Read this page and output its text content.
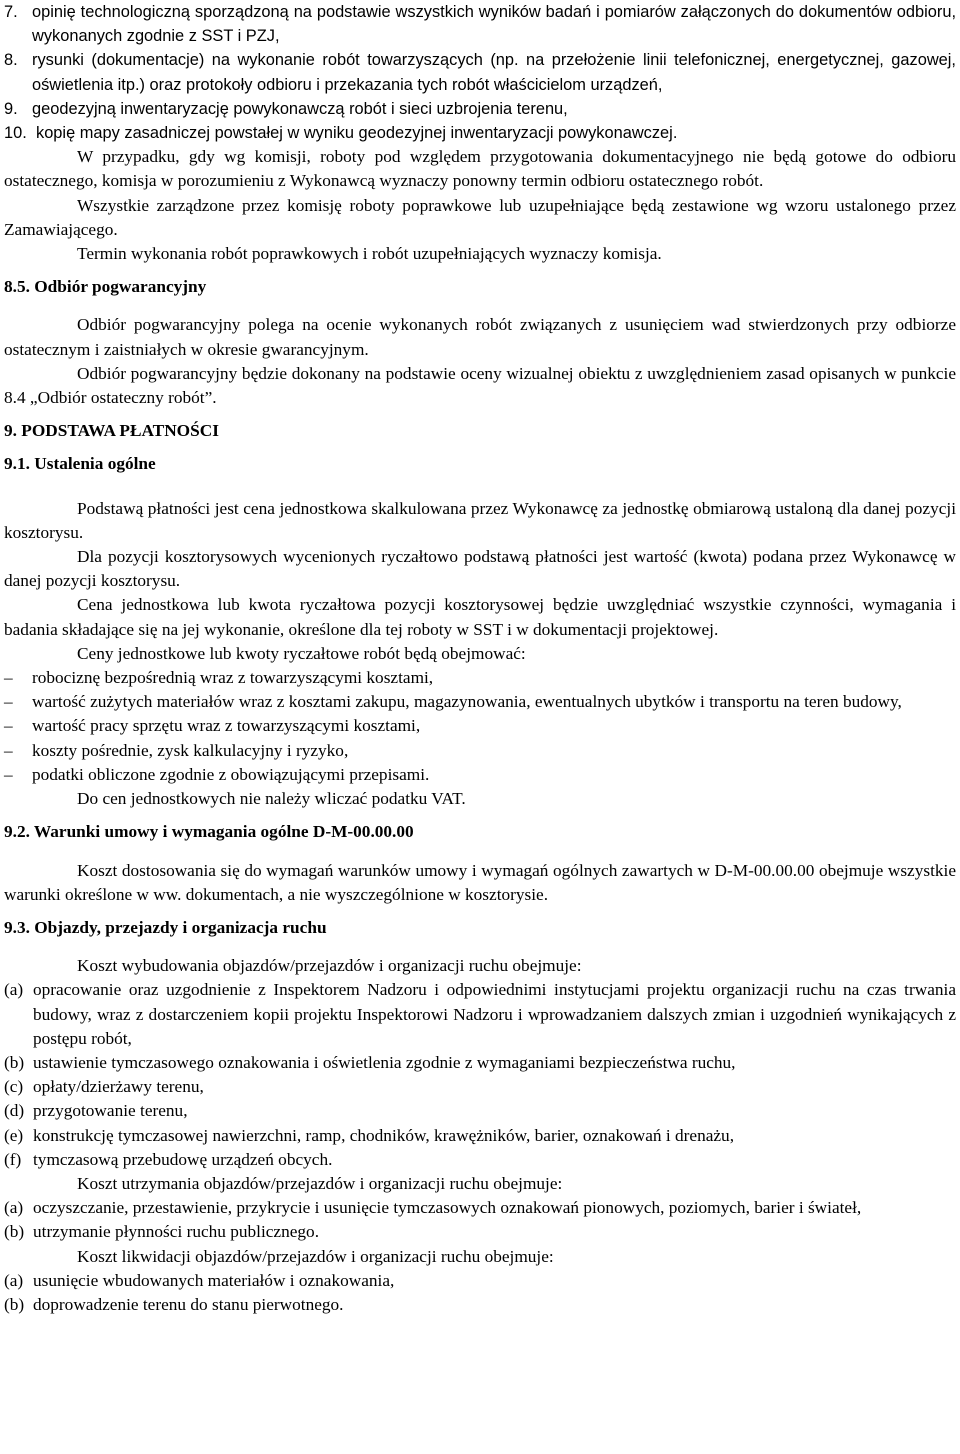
7. opinię technologiczną sporządzoną na podstawie wszystkich wyników badań i pomiarów załączonych do dokumentów odbioru, wykonanych zgodnie z SST i PZJ,
8. rysunki (dokumentacje) na wykonanie robót towarzyszących (np. na przełożenie linii telefonicznej, energetycznej, gazowej, oświetlenia itp.) oraz protokoły odbioru i przekazania tych robót właścicielom urządzeń,
9. geodezyjną inwentaryzację powykonawczą robót i sieci uzbrojenia terenu,
10. kopię mapy zasadniczej powstałej w wyniku geodezyjnej inwentaryzacji powykonawczej.

W przypadku, gdy wg komisji, roboty pod względem przygotowania dokumentacyjnego nie będą gotowe do odbioru ostatecznego, komisja w porozumieniu z Wykonawcą wyznaczy ponowny termin odbioru ostatecznego robót.

Wszystkie zarządzone przez komisję roboty poprawkowe lub uzupełniające będą zestawione wg wzoru ustalonego przez Zamawiającego.

Termin wykonania robót poprawkowych i robót uzupełniających wyznaczy komisja.

8.5. Odbiór pogwarancyjny

Odbiór pogwarancyjny polega na ocenie wykonanych robót związanych z usunięciem wad stwierdzonych przy odbiorze ostatecznym i zaistniałych w okresie gwarancyjnym.

Odbiór pogwarancyjny będzie dokonany na podstawie oceny wizualnej obiektu z uwzględnieniem zasad opisanych w punkcie 8.4 „Odbiór ostateczny robót”.

9. PODSTAWA PŁATNOŚCI
9.1. Ustalenia ogólne

Podstawą płatności jest cena jednostkowa skalkulowana przez Wykonawcę za jednostkę obmiarową ustaloną dla danej pozycji kosztorysu.

Dla pozycji kosztorysowych wycenionych ryczałtowo podstawą płatności jest wartość (kwota) podana przez Wykonawcę w danej pozycji kosztorysu.

Cena jednostkowa lub kwota ryczałtowa pozycji kosztorysowej będzie uwzględniać wszystkie czynności, wymagania i badania składające się na jej wykonanie, określone dla tej roboty w SST i w dokumentacji projektowej.

Ceny jednostkowe lub kwoty ryczałtowe robót będą obejmować:

–	robociznę bezpośrednią wraz z towarzyszącymi kosztami,
–	wartość zużytych materiałów wraz z kosztami zakupu, magazynowania, ewentualnych ubytków i transportu na teren budowy,
–	wartość pracy sprzętu wraz z towarzyszącymi kosztami,
–	koszty pośrednie, zysk kalkulacyjny i ryzyko,
–	podatki obliczone zgodnie z obowiązującymi przepisami.

Do cen jednostkowych nie należy wliczać podatku VAT.

9.2. Warunki umowy i wymagania ogólne D-M-00.00.00

Koszt dostosowania się do wymagań warunków umowy i wymagań ogólnych zawartych w D-M-00.00.00 obejmuje wszystkie warunki określone w ww. dokumentach, a nie wyszczególnione w kosztorysie.

9.3. Objazdy, przejazdy i organizacja ruchu

Koszt wybudowania objazdów/przejazdów i organizacji ruchu obejmuje:

(a) opracowanie oraz uzgodnienie z Inspektorem Nadzoru i odpowiednimi instytucjami projektu organizacji ruchu na czas trwania budowy, wraz z dostarczeniem kopii projektu Inspektorowi Nadzoru i wprowadzaniem dalszych zmian i uzgodnień wynikających z postępu robót,
(b) ustawienie tymczasowego oznakowania i oświetlenia zgodnie z wymaganiami bezpieczeństwa ruchu,
(c) opłaty/dzierżawy terenu,
(d) przygotowanie terenu,
(e) konstrukcję tymczasowej nawierzchni, ramp, chodników, krawężników, barier, oznakowań i drenażu,
(f) tymczasową przebudowę urządzeń obcych.

Koszt utrzymania objazdów/przejazdów i organizacji ruchu obejmuje:

(a) oczyszczanie, przestawienie, przykrycie i usunięcie tymczasowych oznakowań pionowych, poziomych, barier i świateł,
(b) utrzymanie płynności ruchu publicznego.

Koszt likwidacji objazdów/przejazdów i organizacji ruchu obejmuje:

(a) usunięcie wbudowanych materiałów i oznakowania,
(b) doprowadzenie terenu do stanu pierwotnego.
